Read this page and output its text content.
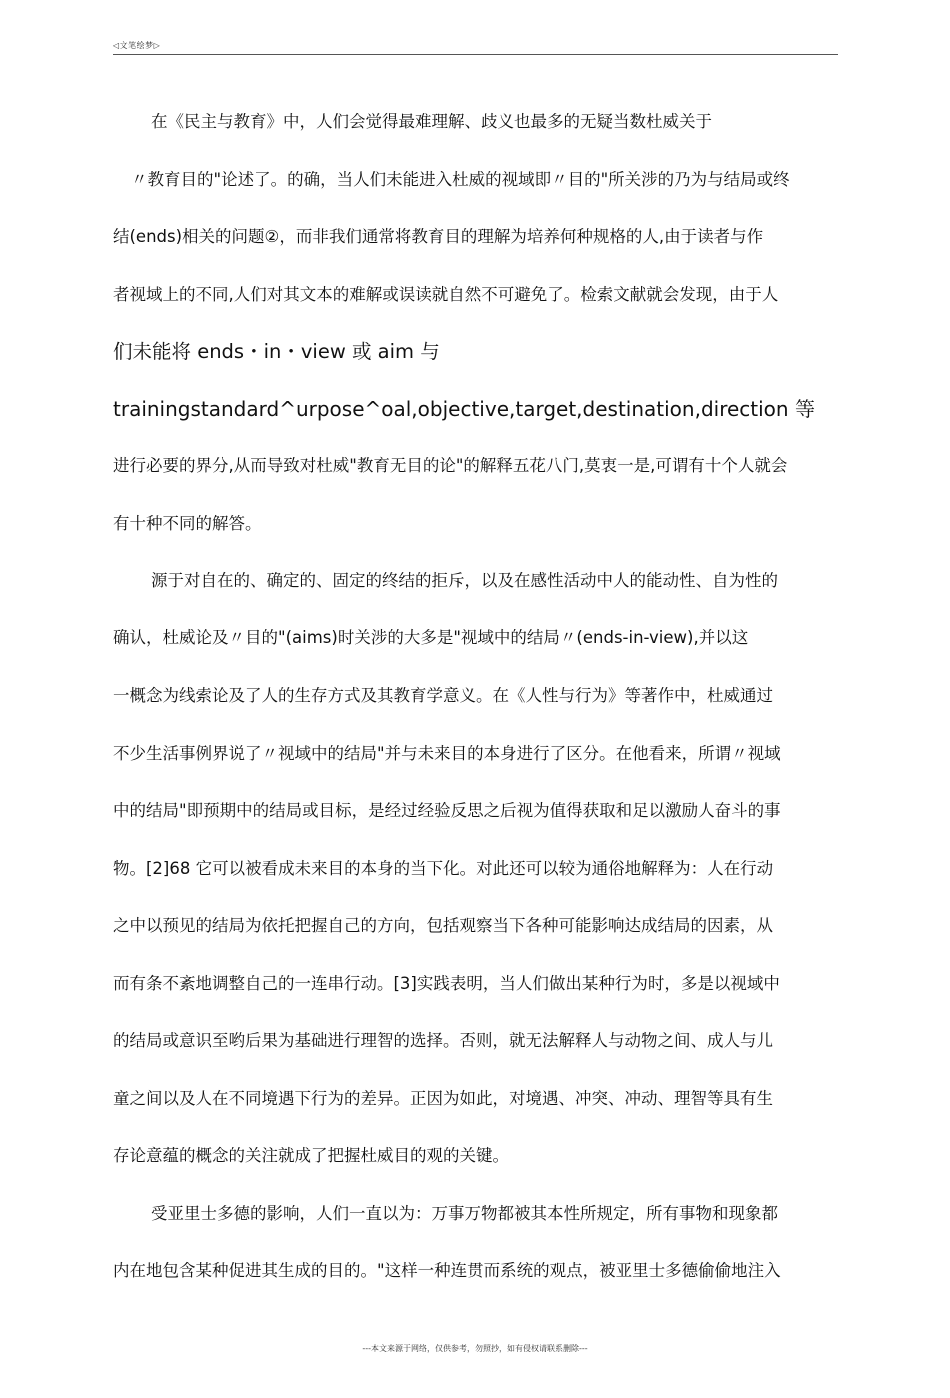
◁文笔绘梦▷
在《民主与教育》中，人们会觉得最难理解、歧义也最多的无疑当数杜威关于
〃教育目的"论述了。的确，当人们未能进入杜威的视域即〃目的"所关涉的乃为与结局或终
结(ends)相关的问题②，而非我们通常将教育目的理解为培养何种规格的人,由于读者与作
者视域上的不同,人们对其文本的难解或误读就自然不可避免了。检索文献就会发现，由于人
们未能将 ends・in・view 或 aim 与
trainingstandard^urpose^oal,objective,target,destination,direction 等
进行必要的界分,从而导致对杜威"教育无目的论"的解释五花八门,莫衷一是,可谓有十个人就会
有十种不同的解答。
源于对自在的、确定的、固定的终结的拒斥，以及在感性活动中人的能动性、自为性的
确认，杜威论及〃目的"(aims)时关涉的大多是"视域中的结局〃(ends-in-view),并以这
一概念为线索论及了人的生存方式及其教育学意义。在《人性与行为》等著作中，杜威通过
不少生活事例界说了〃视域中的结局"并与未来目的本身进行了区分。在他看来，所谓〃视域
中的结局"即预期中的结局或目标，是经过经验反思之后视为值得获取和足以激励人奋斗的事
物。[2]68 它可以被看成未来目的本身的当下化。对此还可以较为通俗地解释为：人在行动
之中以预见的结局为依托把握自己的方向，包括观察当下各种可能影响达成结局的因素，从
而有条不紊地调整自己的一连串行动。[3]实践表明，当人们做出某种行为时，多是以视域中
的结局或意识至哟后果为基础进行理智的选择。否则，就无法解释人与动物之间、成人与儿
童之间以及人在不同境遇下行为的差异。正因为如此，对境遇、冲突、冲动、理智等具有生
存论意蕴的概念的关注就成了把握杜威目的观的关键。
受亚里士多德的影响，人们一直以为：万事万物都被其本性所规定，所有事物和现象都
内在地包含某种促进其生成的目的。"这样一种连贯而系统的观点，被亚里士多德偷偷地注入
---本文来源于网络，仅供参考，勿照抄，如有侵权请联系删除---
